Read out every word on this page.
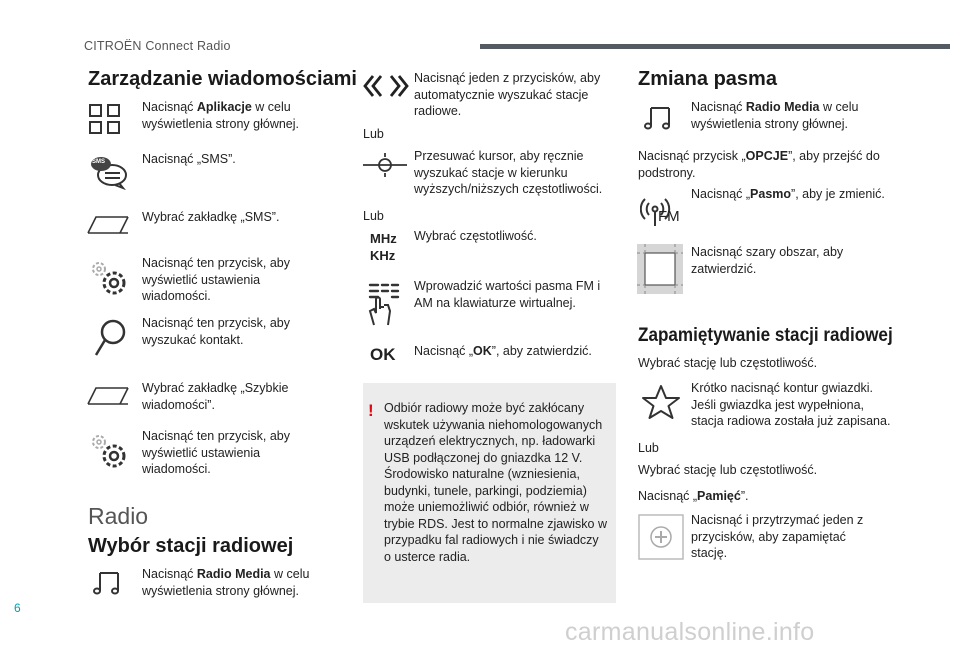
CITROËN Connect Radio
Zarządzanie wiadomościami
Nacisnąć Aplikacje w celu wyświetlenia strony głównej.
SMS	Nacisnąć „SMS”.
Wybrać zakładkę „SMS”.
Nacisnąć ten przycisk, aby wyświetlić ustawienia wiadomości.
Nacisnąć ten przycisk, aby wyszukać kontakt.
Wybrać zakładkę „Szybkie wiadomości”.
Nacisnąć ten przycisk, aby wyświetlić ustawienia wiadomości.
Radio
Wybór stacji radiowej
Nacisnąć Radio Media w celu wyświetlenia strony głównej.
Nacisnąć jeden z przycisków, aby automatycznie wyszukać stacje radiowe.
Lub
Przesuwać kursor, aby ręcznie wyszukać stacje w kierunku wyższych/niższych częstotliwości.
Lub
MHz
KHz
Wybrać częstotliwość.
Wprowadzić wartości pasma FM i AM na klawiaturze wirtualnej.
OK Nacisnąć „OK”, aby zatwierdzić.
! Odbiór radiowy może być zakłócany wskutek używania niehomologowanych urządzeń elektrycznych, np. ładowarki USB podłączonej do gniazdka 12 V. Środowisko naturalne (wzniesienia, budynki, tunele, parkingi, podziemia) może uniemożliwić odbiór, również w trybie RDS. Jest to normalne zjawisko w przypadku fal radiowych i nie świadczy o usterce radia.
Zmiana pasma
Nacisnąć Radio Media w celu wyświetlenia strony głównej.
Nacisnąć przycisk „OPCJE”, aby przejść do podstrony.
FM
Nacisnąć „Pasmo”, aby je zmienić.
Nacisnąć szary obszar, aby zatwierdzić.
Zapamiętywanie stacji radiowej
Wybrać stację lub częstotliwość.
Krótko nacisnąć kontur gwiazdki. Jeśli gwiazdka jest wypełniona, stacja radiowa została już zapisana.
Lub
Wybrać stację lub częstotliwość.
Nacisnąć „Pamięć”.
Nacisnąć i przytrzymać jeden z przycisków, aby zapamiętać stację.
6
carmanualsonline.info
